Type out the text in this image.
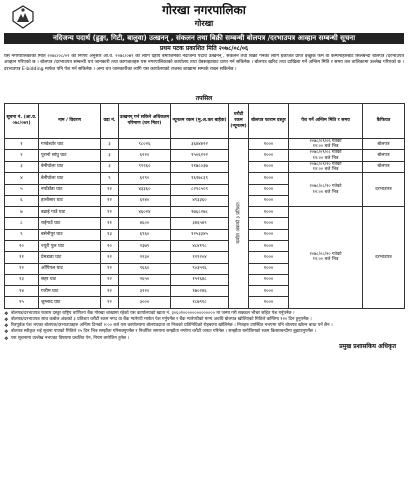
गोरखा नगरपालिका
गोरखा
नदिजन्य पदार्थ (ढुङ्गा, गिटी, बालुवा) उत्खनन् , संकलन तथा बिक्री सम्बन्धी बोलपत्र /दरभाउपत्र आव्हान सम्बन्धी सूचना
प्रथम पटक प्रकाशित मिति २०७८/०८/०६
यस नगरपालिकाको मिति २०७८/०८/०२ को निर्णय अनुसार आ.व. २०७८/०७९ को लागि देहाय बमोजिमको नदीजन्य पदार्थ उत्खनन् , संकलन तथा बिक्री गर्नका लागि इजाजत प्राप्त इच्छुक फर्म वा कम्पनीहरुबाट सिलबन्दी बोलपत्र /दरभाउपत्र आव्हान गरिएको छ । बोलपत्र /दरभाउपत्र सम्बन्धी थप जानकारी तथा कागजातहरु यस नगरपालिकाको कार्यालय तथा वेबसाइटबाट प्राप्त गर्न सकिनेछ । बोलपत्र खरिद तथा दाखिला गर्ने अन्तिम मिति र समय तल तालिकामा उल्लेख गरिएको छ । दरभाउपत्र E-bidding मार्फत पनि पेश गर्न सकिनेछ । अन्य थप जानकारीका लागि यस कार्यालयको राजस्व शाखामा सम्पर्क राख्न सकिनेछ ।
तपसिल
सूचना नं. (आ.व. ०७८/०७९)	नाम / विवरण	वडा नं.	उत्खनन् गर्न सकिने अधिकतम परिमाण (घन मिटर)	न्यूनतम रकम (मु.अ.कर बाहेक)	धरौटी रकम (न्यूनतम)	बोलपत्र फाराम दस्तुर	पेश गर्ने अन्तिम मिति र समय	कैफियत
१	गण्डेश्वोर घाट	३	९८०२६	३६४४४२२	कबोल अंकको ३ प्रतिशत	१०००	२०७८/०९/०६ गतेको
१२:०० बजे भित्र	बोलपत्र
२	पुरानो सांघु घाट	३	६२२०	१५०६२२२		१०००	२०७८/०९/०८ गतेको
१२:०० बजे भित्र	बोलपत्र
३	बेनीघोला घाट	३	९९२६०	२१७८०३७		१०००	२०७८/०९/२० गतेको
१२:०० बजे भित्र	बोलपत्र
४	बेनीघोला घाट	९	६२९०	१६२७८३९		१०००	२०७८/०८/२० गतेको
१२:०० बजे भित्र	दरभाउपत्र
५	नयाँडाँडा घाट	१२	४३३६०	८२९८५०९		१०००		
६	हात्तीसार घाट	१२	६२४०	४९३३६०		१०००		
७	बढाई गाउँ घाट	१२	४६०२४	१७६८२७८		१०००	२०७८/०८/२० गतेको
१२:०० बजे भित्र	दरभाउपत्र
८	राईगाउँ घाट	११	४६००	३४६५४९		१०००		
९	बसेनीपुर घाट	१३	६९६०	१२५३३४५		१०००		
१०	ज्यूरी पुल घाट	१०	२३७९	४८४१९८		१०००		
११	प्रेमडाडा घाट	१२	२२३०	१२९२०४		१०००		
१२	आँपिपल घाट	१२	९६६०	९०३५९६		१०००		
१३	सहर घाट	१२	२६५०	१५२६४८		१०००		
१४	गारीम घाट	१२	३२२०	१७०२४६		१०००		
१५	जुम्लाद घाट	१२	३०००	१८७९१८		१०००		
❖ बोलपत्र/दरभाउपत्र फाराम दस्तुर राष्ट्रिय वाणिज्य बैंक गोरखा शाखामा रहेको यस कार्यालयको खाता नं. ३०६०१०००००००००००००० मा जम्मा गरी सक्कल भौचर सहित पेश गर्नुपर्नेछ ।
❖ बोलपत्र/दरभाउपत्र साथ कबोल अंकको ३ प्रतिशत धरौटी रकम नगद वा बैंक ग्यारेण्टी मार्फत पेश गर्नुपर्नेछ र बैंक ग्यारेण्टीको मान्य अवधि बोलपत्र खोलिएको मितिले कम्तिमा १२० दिन हुनुपर्नेछ ।
❖ रितपूर्वक पेश भएका बोलपत्र/दरभाउपत्रहरु अन्तिम दिनको २:०० बजे यस कार्यालयमा बोलपत्रदाता वा निजको प्रतिनिधिको रोहबरमा खोलिनेछ । निजहरु उपस्थित नभएमा पनि बोलपत्र खोल्न बाधा पर्ने छैन ।
❖ बोलपत्र स्वीकृत भई सूचना पाएको मितिले १५ दिन भित्र सम्झौता गरिसक्नुपर्नेछ र निर्धारित समयमा सम्झौता नगरेमा धरौटी जफत गरिनेछ । सम्झौता बमोजिमको रकम किस्ताबन्दीमा बुझाउनुपर्नेछ ।
❖ यस सूचनामा उल्लेख नभएका विषयमा प्रचलित ऐन, नियम बमोजिम हुनेछ ।
प्रमुख प्रशासकिय अधिकृत
